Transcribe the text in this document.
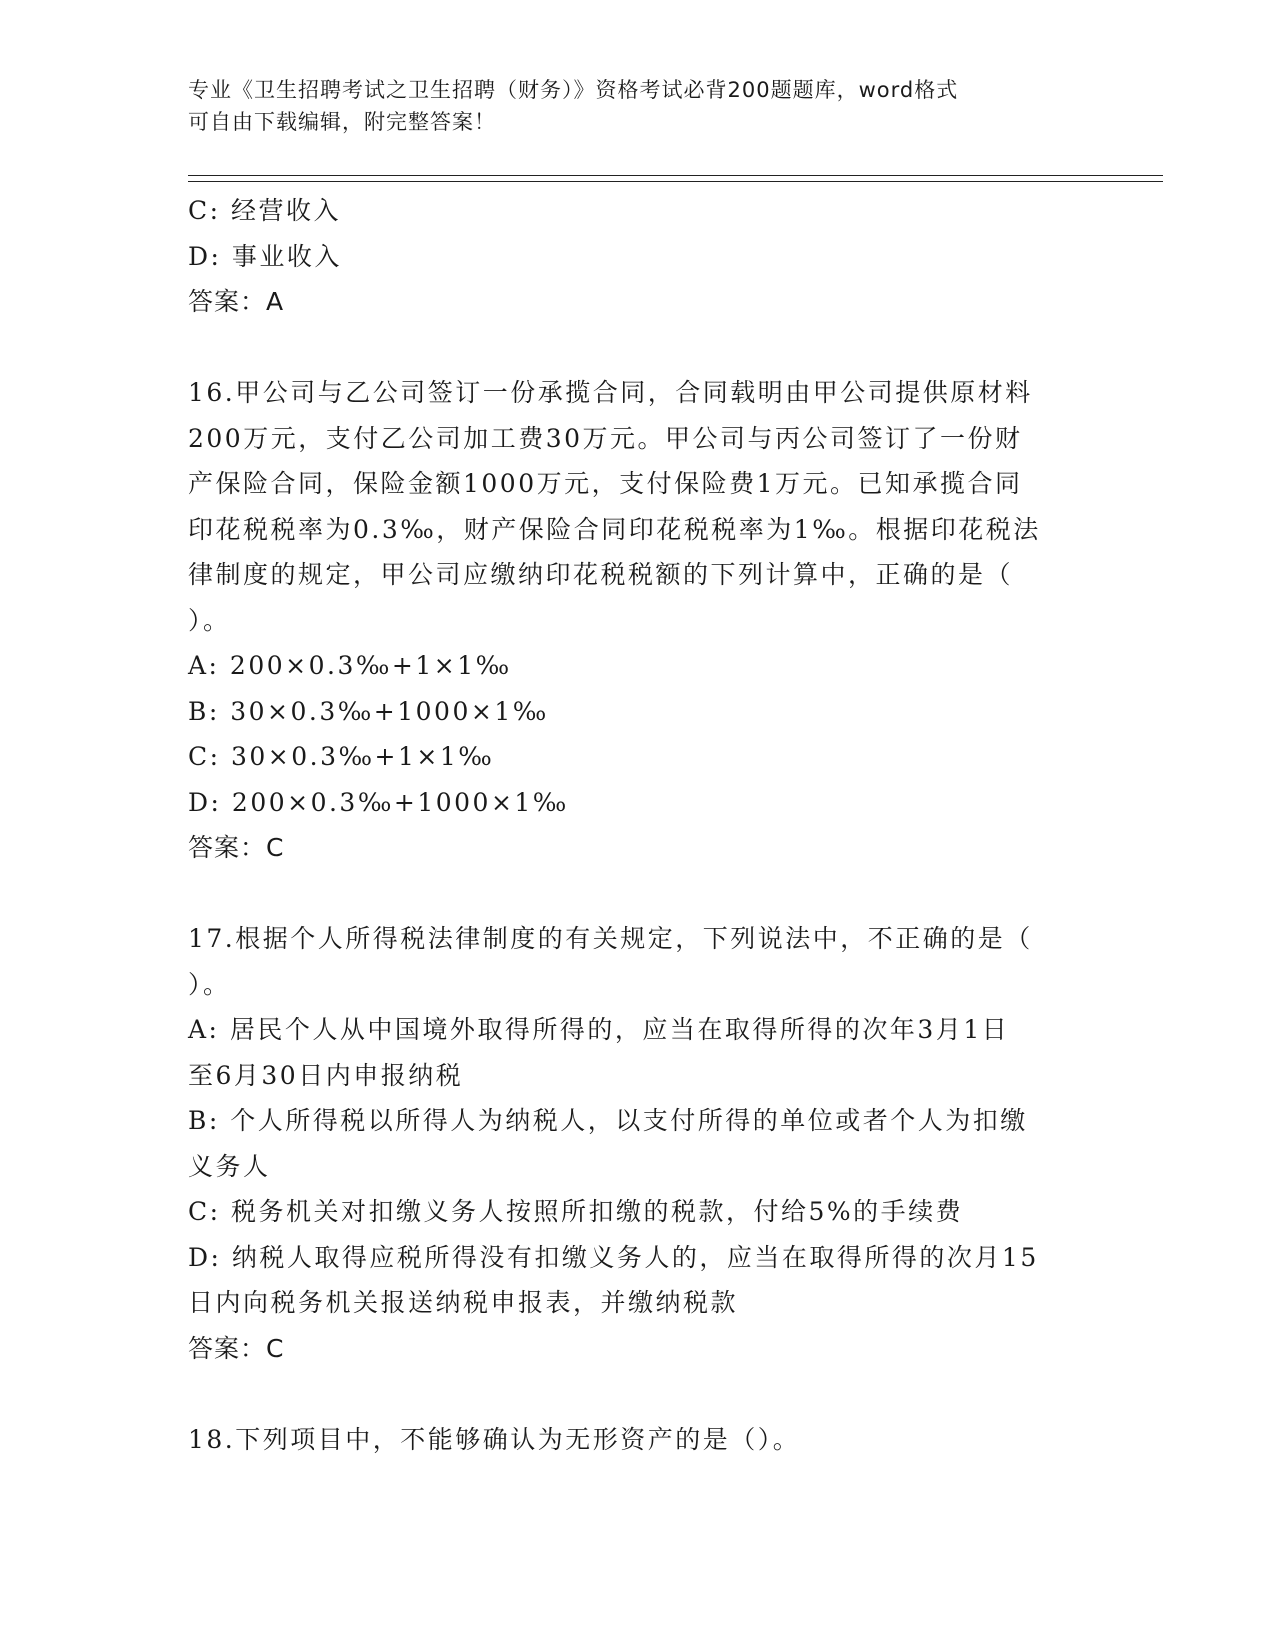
专业《卫生招聘考试之卫生招聘（财务）》资格考试必背200题题库，word格式
可自由下载编辑，附完整答案！

C: 经营收入

D: 事业收入

答案：A

16.甲公司与乙公司签订一份承揽合同，合同载明由甲公司提供原材料

200万元，支付乙公司加工费30万元。甲公司与丙公司签订了一份财

产保险合同，保险金额1000万元，支付保险费1万元。已知承揽合同

印花税税率为0.3‰，财产保险合同印花税税率为1‰。根据印花税法

律制度的规定，甲公司应缴纳印花税税额的下列计算中，正确的是（

）。

A: 200×0.3‰+1×1‰

B: 30×0.3‰+1000×1‰

C: 30×0.3‰+1×1‰

D: 200×0.3‰+1000×1‰

答案：C

17.根据个人所得税法律制度的有关规定，下列说法中，不正确的是（

）。

A: 居民个人从中国境外取得所得的，应当在取得所得的次年3月1日

至6月30日内申报纳税

B: 个人所得税以所得人为纳税人，以支付所得的单位或者个人为扣缴

义务人

C: 税务机关对扣缴义务人按照所扣缴的税款，付给5%的手续费

D: 纳税人取得应税所得没有扣缴义务人的，应当在取得所得的次月15

日内向税务机关报送纳税申报表，并缴纳税款

答案：C

18.下列项目中，不能够确认为无形资产的是（）。
